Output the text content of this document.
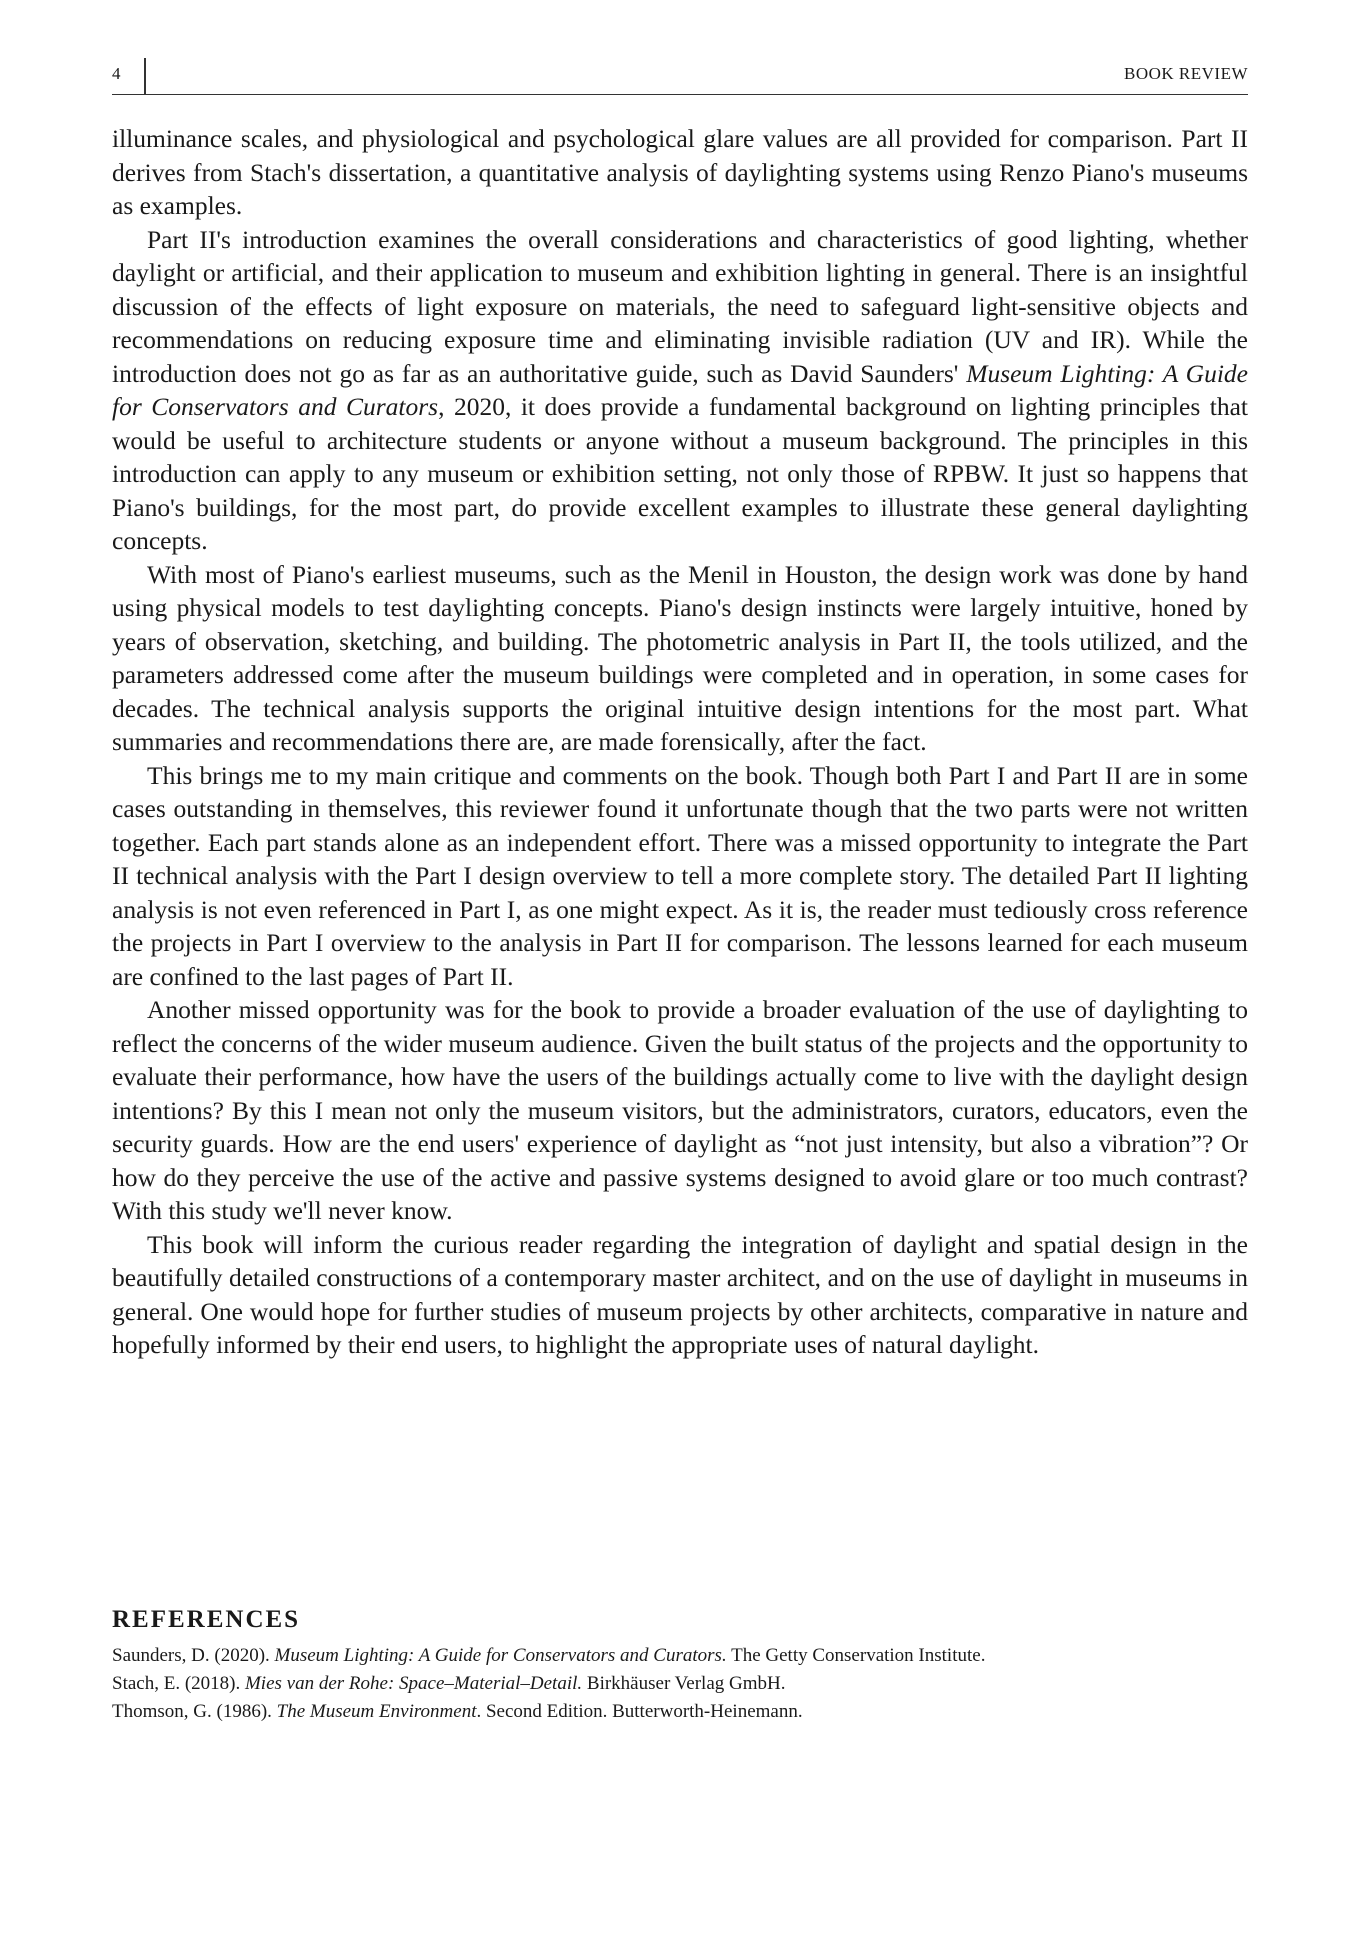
4	BOOK REVIEW

illuminance scales, and physiological and psychological glare values are all provided for comparison. Part II derives from Stach's dissertation, a quantitative analysis of daylighting systems using Renzo Piano's museums as examples.

Part II's introduction examines the overall considerations and characteristics of good lighting, whether daylight or artificial, and their application to museum and exhibition lighting in general. There is an insightful discussion of the effects of light exposure on materials, the need to safeguard light-sensitive objects and recommendations on reducing exposure time and eliminating invisible radiation (UV and IR). While the introduction does not go as far as an authoritative guide, such as David Saunders' Museum Lighting: A Guide for Conservators and Curators, 2020, it does provide a fundamental background on lighting principles that would be useful to architecture students or anyone without a museum background. The principles in this introduction can apply to any museum or exhibition setting, not only those of RPBW. It just so happens that Piano's buildings, for the most part, do provide excellent examples to illustrate these general daylighting concepts.

With most of Piano's earliest museums, such as the Menil in Houston, the design work was done by hand using physical models to test daylighting concepts. Piano's design instincts were largely intuitive, honed by years of observation, sketching, and building. The photometric analysis in Part II, the tools utilized, and the parameters addressed come after the museum buildings were completed and in operation, in some cases for decades. The technical analysis supports the original intuitive design intentions for the most part. What summaries and recommendations there are, are made forensically, after the fact.

This brings me to my main critique and comments on the book. Though both Part I and Part II are in some cases outstanding in themselves, this reviewer found it unfortunate though that the two parts were not written together. Each part stands alone as an independent effort. There was a missed opportunity to integrate the Part II technical analysis with the Part I design overview to tell a more complete story. The detailed Part II lighting analysis is not even referenced in Part I, as one might expect. As it is, the reader must tediously cross reference the projects in Part I overview to the analysis in Part II for comparison. The lessons learned for each museum are confined to the last pages of Part II.

Another missed opportunity was for the book to provide a broader evaluation of the use of daylighting to reflect the concerns of the wider museum audience. Given the built status of the projects and the opportunity to evaluate their performance, how have the users of the buildings actually come to live with the daylight design intentions? By this I mean not only the museum visitors, but the administrators, curators, educators, even the security guards. How are the end users' experience of daylight as “not just intensity, but also a vibration”? Or how do they perceive the use of the active and passive systems designed to avoid glare or too much contrast? With this study we'll never know.

This book will inform the curious reader regarding the integration of daylight and spatial design in the beautifully detailed constructions of a contemporary master architect, and on the use of daylight in museums in general. One would hope for further studies of museum projects by other architects, comparative in nature and hopefully informed by their end users, to highlight the appropriate uses of natural daylight.

REFERENCES

Saunders, D. (2020). Museum Lighting: A Guide for Conservators and Curators. The Getty Conservation Institute.

Stach, E. (2018). Mies van der Rohe: Space–Material–Detail. Birkhäuser Verlag GmbH.

Thomson, G. (1986). The Museum Environment. Second Edition. Butterworth-Heinemann.
